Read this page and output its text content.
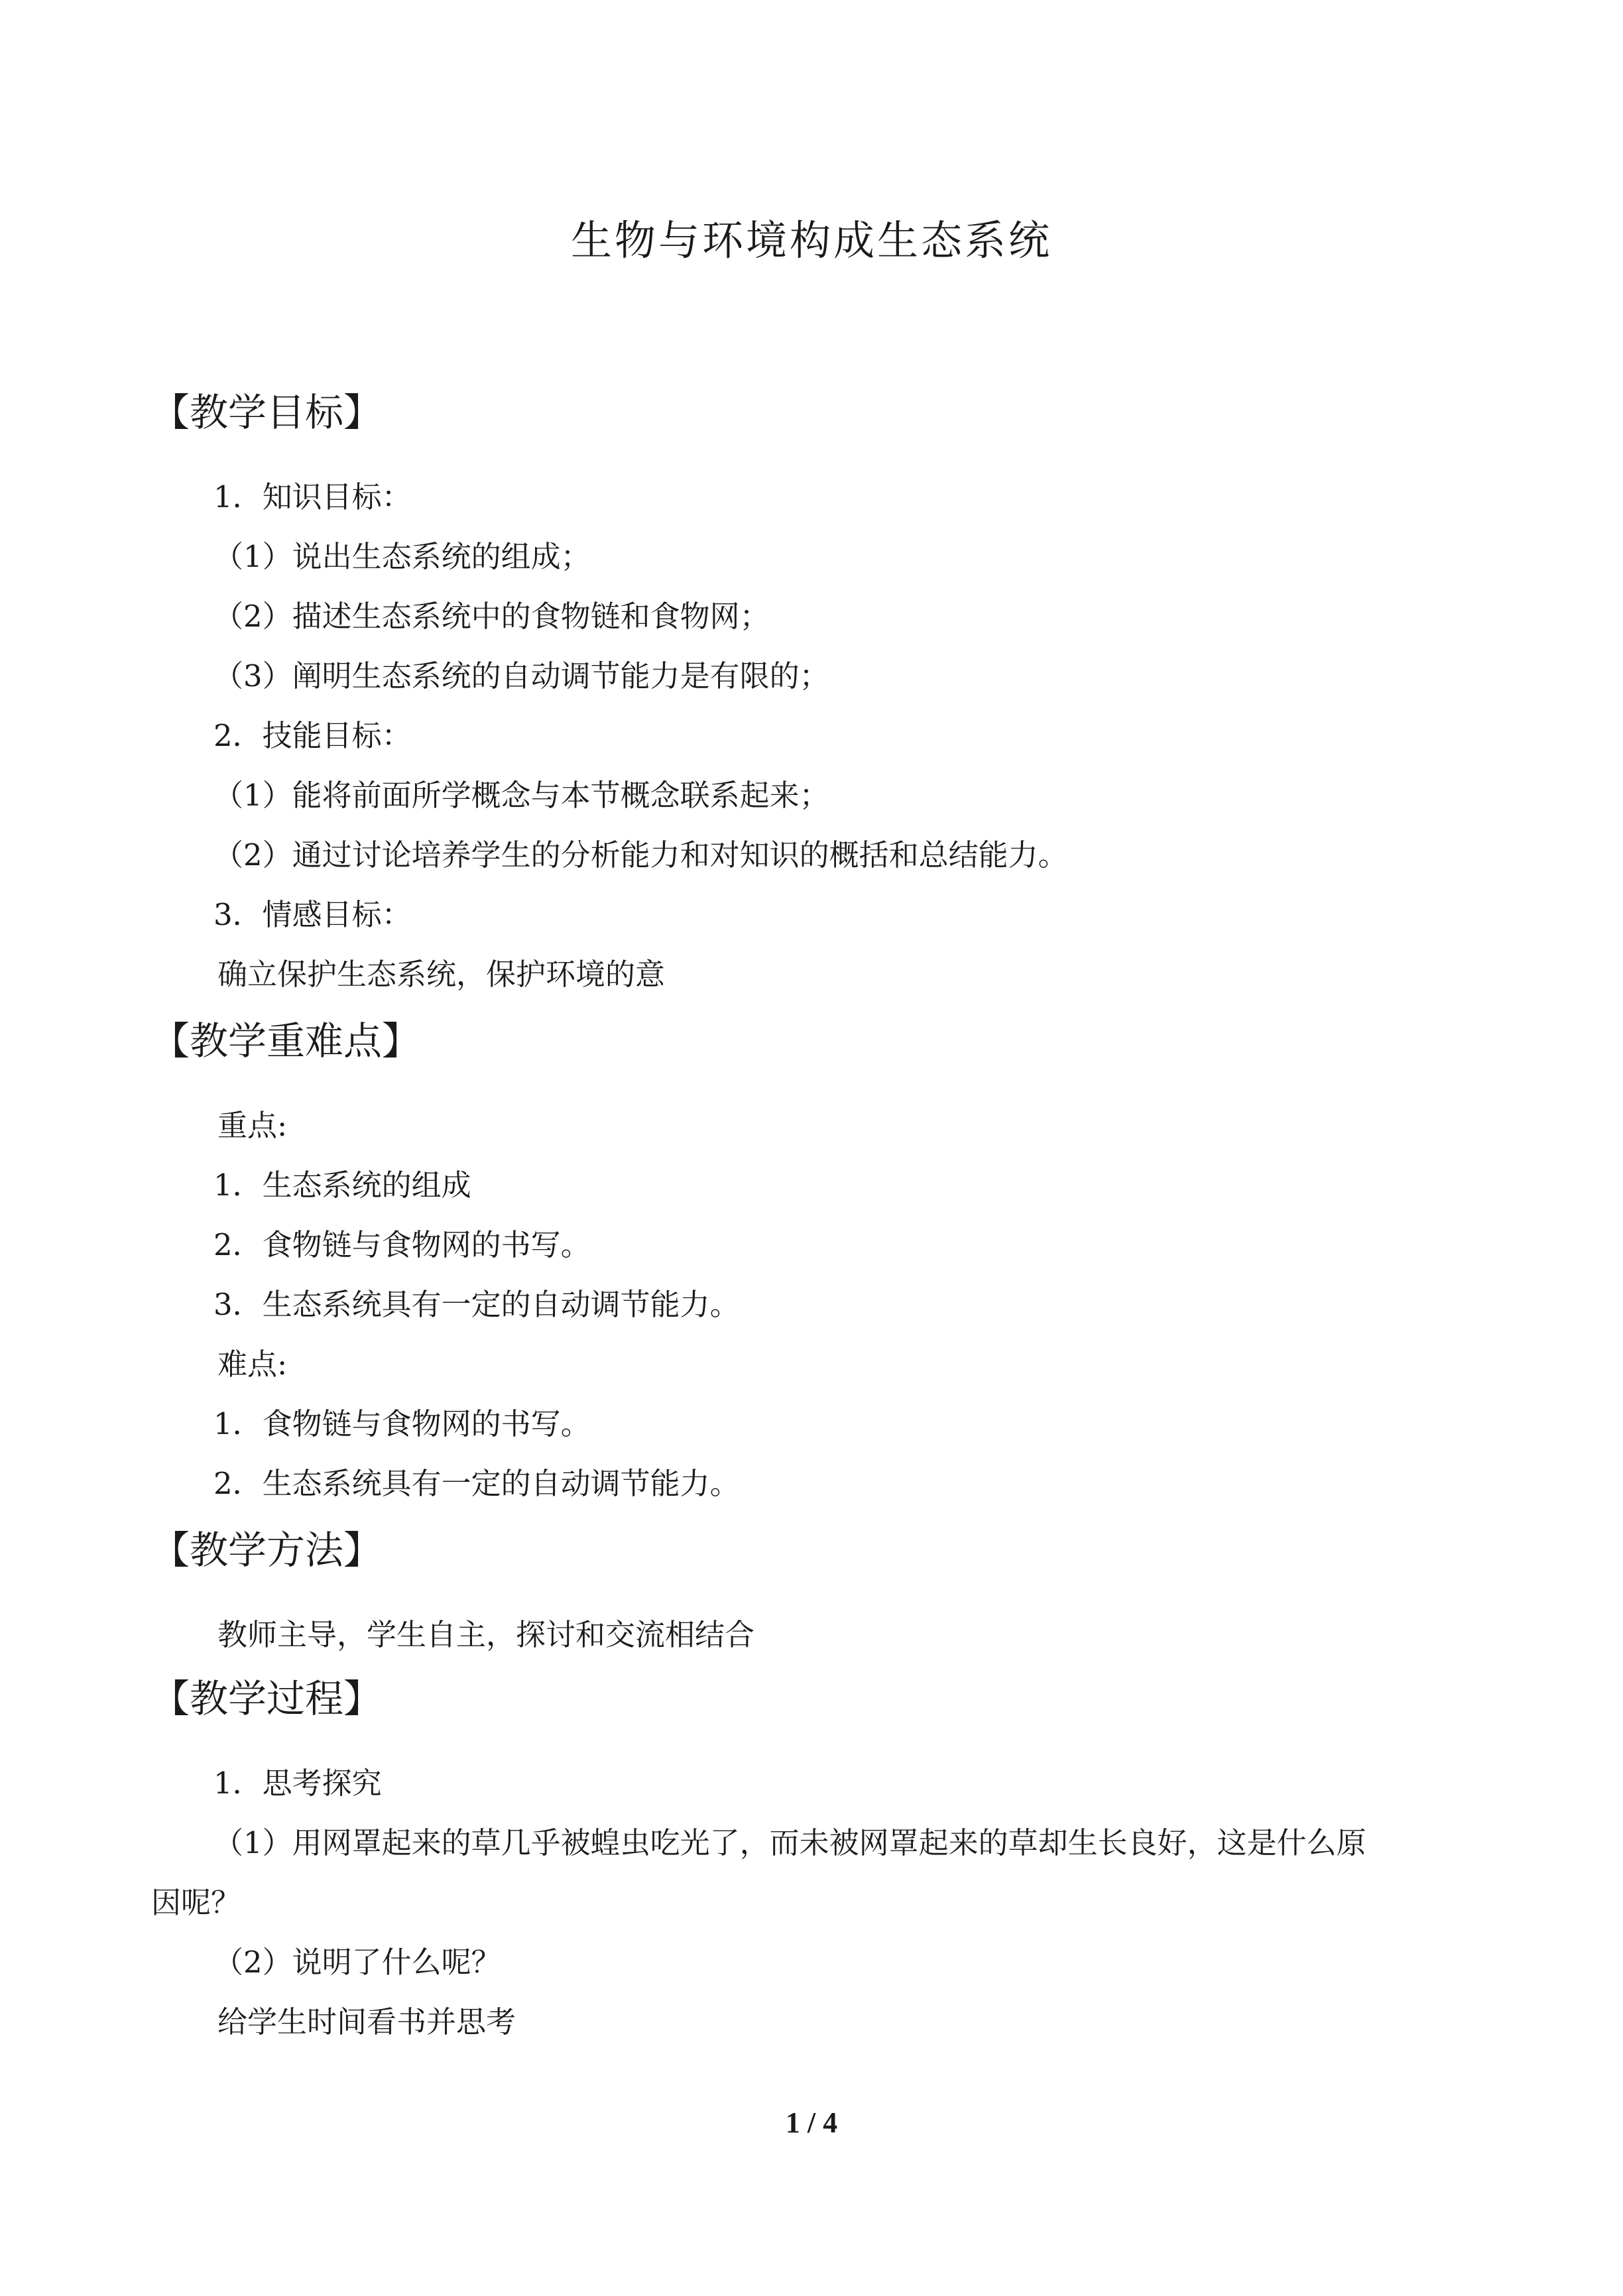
生物与环境构成生态系统
【教学目标】

1．知识目标：

（1）说出生态系统的组成；

（2）描述生态系统中的食物链和食物网；

（3）阐明生态系统的自动调节能力是有限的；

2．技能目标：

（1）能将前面所学概念与本节概念联系起来；

（2）通过讨论培养学生的分析能力和对知识的概括和总结能力。

3．情感目标：

确立保护生态系统，保护环境的意

【教学重难点】

重点:

1．生态系统的组成

2．食物链与食物网的书写。

3．生态系统具有一定的自动调节能力。

难点:

1．食物链与食物网的书写。

2．生态系统具有一定的自动调节能力。

【教学方法】

教师主导，学生自主，探讨和交流相结合

【教学过程】

1．思考探究

（1）用网罩起来的草几乎被蝗虫吃光了，而未被网罩起来的草却生长良好，这是什么原

因呢？

（2）说明了什么呢？

给学生时间看书并思考

1 / 4
